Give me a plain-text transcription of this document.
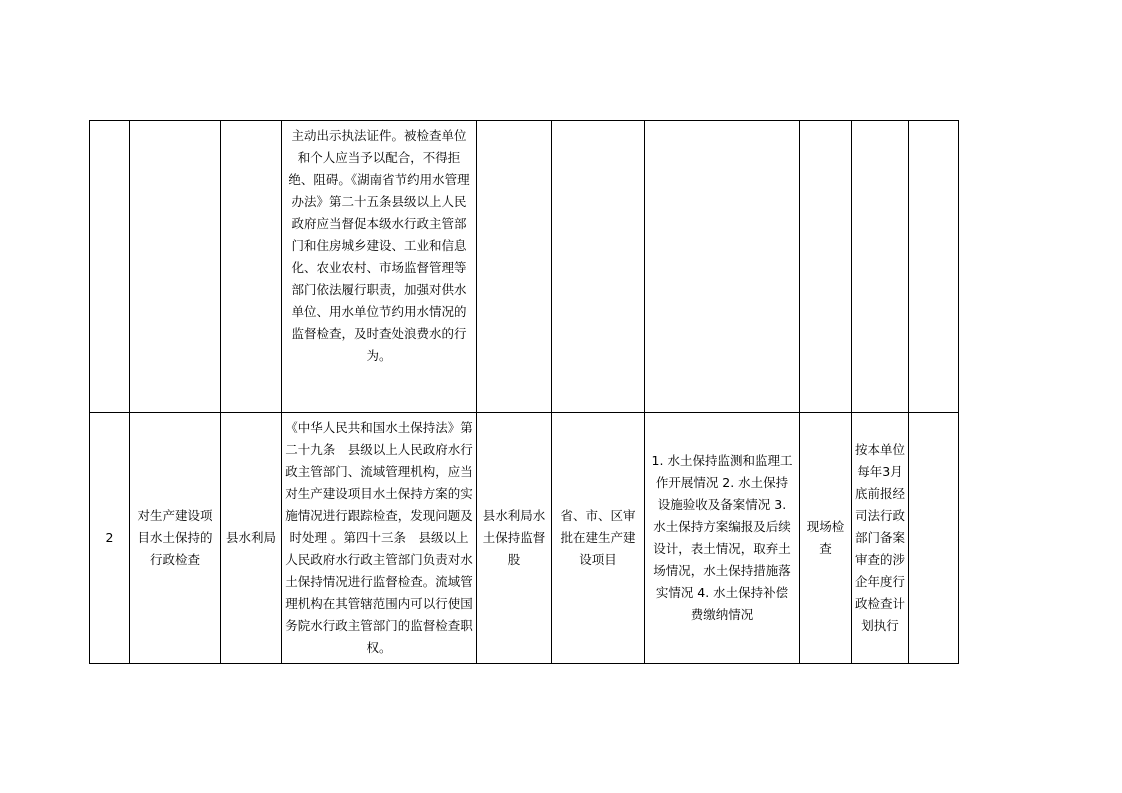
			主动出示执法证件。被检查单位和个人应当予以配合，不得拒绝、阻碍。《湖南省节约用水管理办法》第二十五条县级以上人民政府应当督促本级水行政主管部门和住房城乡建设、工业和信息化、农业农村、市场监督管理等部门依法履行职责，加强对供水单位、用水单位节约用水情况的监督检查，及时查处浪费水的行为。						

2	对生产建设项目水土保持的行政检查	县水利局	《中华人民共和国水土保持法》第二十九条　县级以上人民政府水行政主管部门、流域管理机构，应当对生产建设项目水土保持方案的实施情况进行跟踪检查，发现问题及时处理 。第四十三条　县级以上人民政府水行政主管部门负责对水土保持情况进行监督检查。流域管理机构在其管辖范围内可以行使国务院水行政主管部门的监督检查职权。	县水利局水土保持监督股	省、市、区审批在建生产建设项目	1. 水土保持监测和监理工作开展情况 2. 水土保持设施验收及备案情况 3. 水土保持方案编报及后续设计，表土情况，取弃土场情况，水土保持措施落实情况 4. 水土保持补偿费缴纳情况	现场检查	按本单位每年3月底前报经司法行政部门备案审查的涉企年度行政检查计划执行	
